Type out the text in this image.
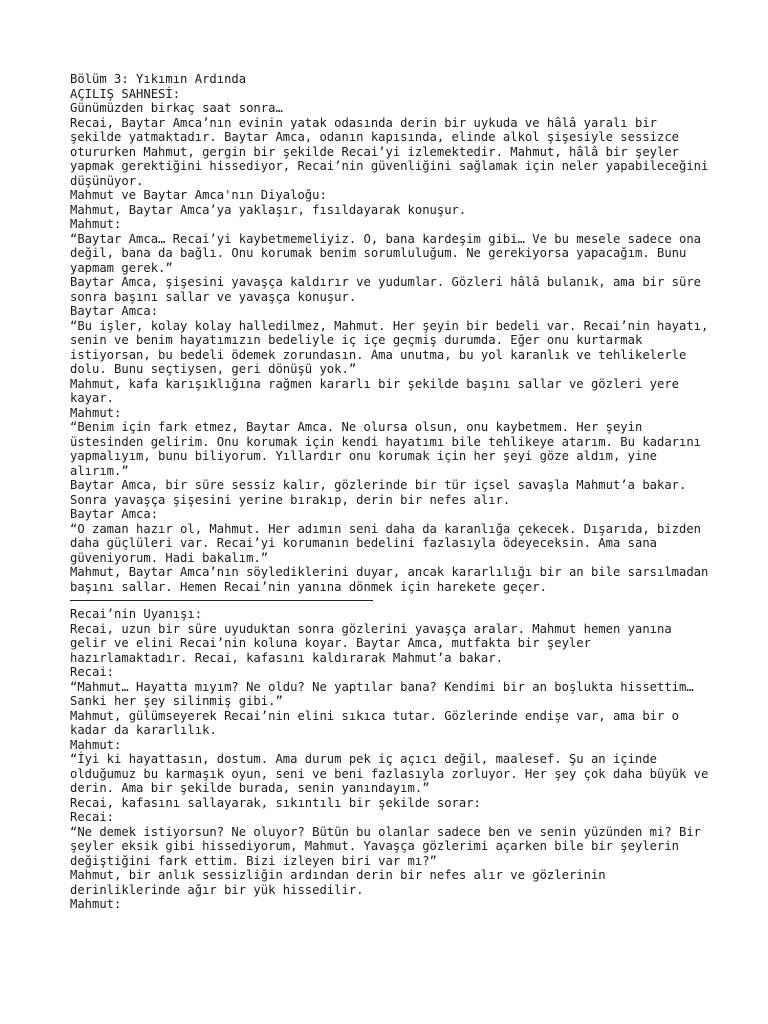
Bölüm 3: Yıkımın Ardında
AÇILIŞ SAHNESİ:
Günümüzden birkaç saat sonra…
Recai, Baytar Amca’nın evinin yatak odasında derin bir uykuda ve hâlâ yaralı bir şekilde yatmaktadır. Baytar Amca, odanın kapısında, elinde alkol şişesiyle sessizce otururken Mahmut, gergin bir şekilde Recai’yi izlemektedir. Mahmut, hâlâ bir şeyler yapmak gerektiğini hissediyor, Recai’nin güvenliğini sağlamak için neler yapabileceğini düşünüyor.
Mahmut ve Baytar Amca'nın Diyaloğu:
Mahmut, Baytar Amca’ya yaklaşır, fısıldayarak konuşur.
Mahmut:
“Baytar Amca… Recai’yi kaybetmemeliyiz. O, bana kardeşim gibi… Ve bu mesele sadece ona değil, bana da bağlı. Onu korumak benim sorumluluğum. Ne gerekiyorsa yapacağım. Bunu yapmam gerek.”
Baytar Amca, şişesini yavaşça kaldırır ve yudumlar. Gözleri hâlâ bulanık, ama bir süre sonra başını sallar ve yavaşça konuşur.
Baytar Amca:
“Bu işler, kolay kolay halledilmez, Mahmut. Her şeyin bir bedeli var. Recai’nin hayatı, senin ve benim hayatımızın bedeliyle iç içe geçmiş durumda. Eğer onu kurtarmak istiyorsan, bu bedeli ödemek zorundasın. Ama unutma, bu yol karanlık ve tehlikelerle dolu. Bunu seçtiysen, geri dönüşü yok.”
Mahmut, kafa karışıklığına rağmen kararlı bir şekilde başını sallar ve gözleri yere kayar.
Mahmut:
“Benim için fark etmez, Baytar Amca. Ne olursa olsun, onu kaybetmem. Her şeyin üstesinden gelirim. Onu korumak için kendi hayatımı bile tehlikeye atarım. Bu kadarını yapmalıyım, bunu biliyorum. Yıllardır onu korumak için her şeyi göze aldım, yine alırım.”
Baytar Amca, bir süre sessiz kalır, gözlerinde bir tür içsel savaşla Mahmut’a bakar. Sonra yavaşça şişesini yerine bırakıp, derin bir nefes alır.
Baytar Amca:
“O zaman hazır ol, Mahmut. Her adımın seni daha da karanlığa çekecek. Dışarıda, bizden daha güçlüleri var. Recai’yi korumanın bedelini fazlasıyla ödeyeceksin. Ama sana güveniyorum. Hadi bakalım.”
Mahmut, Baytar Amca’nın söylediklerini duyar, ancak kararlılığı bir an bile sarsılmadan başını sallar. Hemen Recai’nin yanına dönmek için harekete geçer.
Recai’nin Uyanışı:
Recai, uzun bir süre uyuduktan sonra gözlerini yavaşça aralar. Mahmut hemen yanına gelir ve elini Recai’nin koluna koyar. Baytar Amca, mutfakta bir şeyler hazırlamaktadır. Recai, kafasını kaldırarak Mahmut’a bakar.
Recai:
“Mahmut… Hayatta mıyım? Ne oldu? Ne yaptılar bana? Kendimi bir an boşlukta hissettim… Sanki her şey silinmiş gibi.”
Mahmut, gülümseyerek Recai’nin elini sıkıca tutar. Gözlerinde endişe var, ama bir o kadar da kararlılık.
Mahmut:
“İyi ki hayattasın, dostum. Ama durum pek iç açıcı değil, maalesef. Şu an içinde olduğumuz bu karmaşık oyun, seni ve beni fazlasıyla zorluyor. Her şey çok daha büyük ve derin. Ama bir şekilde burada, senin yanındayım.”
Recai, kafasını sallayarak, sıkıntılı bir şekilde sorar:
Recai:
“Ne demek istiyorsun? Ne oluyor? Bütün bu olanlar sadece ben ve senin yüzünden mi? Bir şeyler eksik gibi hissediyorum, Mahmut. Yavaşça gözlerimi açarken bile bir şeylerin değiştiğini fark ettim. Bizi izleyen biri var mı?”
Mahmut, bir anlık sessizliğin ardından derin bir nefes alır ve gözlerinin derinliklerinde ağır bir yük hissedilir.
Mahmut:
